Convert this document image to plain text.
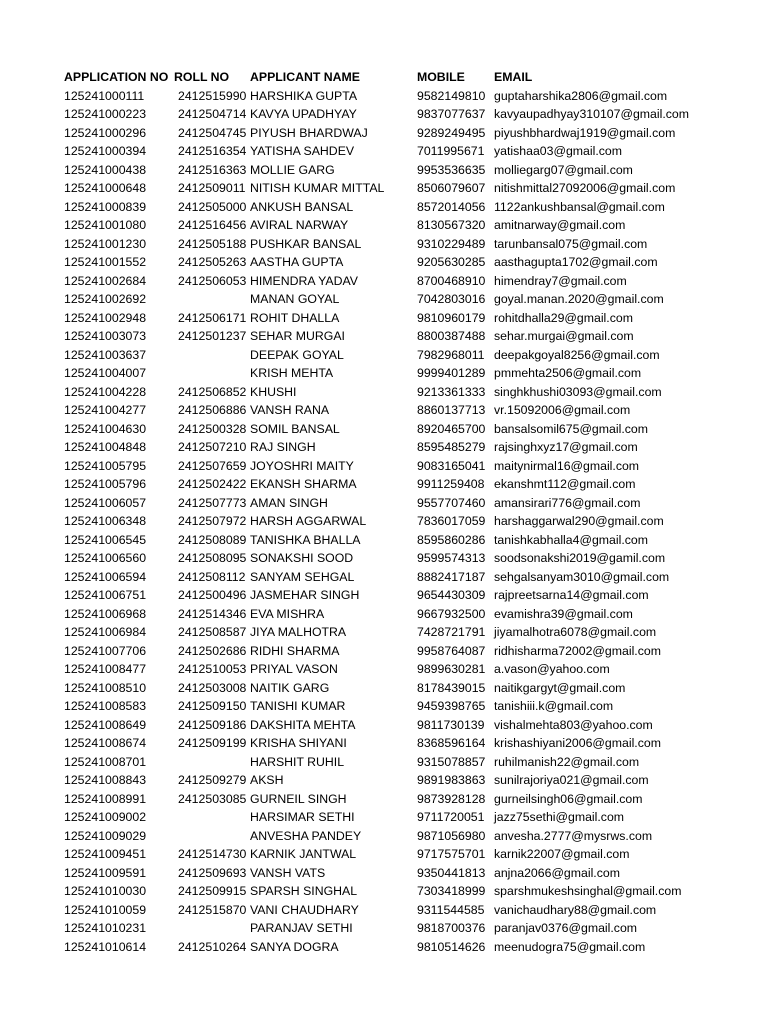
APPLICATION NO ROLL NO APPLICANT NAME	MOBILE EMAIL
125241000111	2412515990 HARSHIKA GUPTA	9582149810 guptaharshika2806@gmail.com
125241000223	2412504714 KAVYA UPADHYAY	9837077637 kavyaupadhyay310107@gmail.com
125241000296	2412504745 PIYUSH BHARDWAJ	9289249495 piyushbhardwaj1919@gmail.com
125241000394	2412516354 YATISHA SAHDEV	7011995671 yatishaa03@gmail.com
125241000438	2412516363 MOLLIE GARG	9953536635 molliegarg07@gmail.com
125241000648	2412509011 NITISH KUMAR MITTAL	8506079607 nitishmittal27092006@gmail.com
125241000839	2412505000 ANKUSH BANSAL	8572014056 1122ankushbansal@gmail.com
125241001080	2412516456 AVIRAL NARWAY	8130567320 amitnarway@gmail.com
125241001230	2412505188 PUSHKAR BANSAL	9310229489 tarunbansal075@gmail.com
125241001552	2412505263 AASTHA GUPTA	9205630285 aasthagupta1702@gmail.com
125241002684	2412506053 HIMENDRA YADAV	8700468910 himendray7@gmail.com
125241002692	MANAN GOYAL	7042803016 goyal.manan.2020@gmail.com
125241002948	2412506171 ROHIT DHALLA	9810960179 rohitdhalla29@gmail.com
125241003073	2412501237 SEHAR MURGAI	8800387488 sehar.murgai@gmail.com
125241003637	DEEPAK GOYAL	7982968011 deepakgoyal8256@gmail.com
125241004007	KRISH MEHTA	9999401289 pmmehta2506@gmail.com
125241004228	2412506852 KHUSHI	9213361333 singhkhushi03093@gmail.com
125241004277	2412506886 VANSH RANA	8860137713 vr.15092006@gmail.com
125241004630	2412500328 SOMIL BANSAL	8920465700 bansalsomil675@gmail.com
125241004848	2412507210 RAJ SINGH	8595485279 rajsinghxyz17@gmail.com
125241005795	2412507659 JOYOSHRI MAITY	9083165041 maitynirmal16@gmail.com
125241005796	2412502422 EKANSH SHARMA	9911259408 ekanshmt112@gmail.com
125241006057	2412507773 AMAN SINGH	9557707460 amansirari776@gmail.com
125241006348	2412507972 HARSH AGGARWAL	7836017059 harshaggarwal290@gmail.com
125241006545	2412508089 TANISHKA BHALLA	8595860286 tanishkabhalla4@gmail.com
125241006560	2412508095 SONAKSHI SOOD	9599574313 soodsonakshi2019@gamil.com
125241006594	2412508112 SANYAM SEHGAL	8882417187 sehgalsanyam3010@gmail.com
125241006751	2412500496 JASMEHAR SINGH	9654430309 rajpreetsarna14@gmail.com
125241006968	2412514346 EVA MISHRA	9667932500 evamishra39@gmail.com
125241006984	2412508587 JIYA MALHOTRA	7428721791 jiyamalhotra6078@gmail.com
125241007706	2412502686 RIDHI SHARMA	9958764087 ridhisharma72002@gmail.com
125241008477	2412510053 PRIYAL VASON	9899630281 a.vason@yahoo.com
125241008510	2412503008 NAITIK GARG	8178439015 naitikgargyt@gmail.com
125241008583	2412509150 TANISHI KUMAR	9459398765 tanishiii.k@gmail.com
125241008649	2412509186 DAKSHITA MEHTA	9811730139 vishalmehta803@yahoo.com
125241008674	2412509199 KRISHA SHIYANI	8368596164 krishashiyani2006@gmail.com
125241008701	HARSHIT RUHIL	9315078857 ruhilmanish22@gmail.com
125241008843	2412509279 AKSH	9891983863 sunilrajoriya021@gmail.com
125241008991	2412503085 GURNEIL SINGH	9873928128 gurneilsingh06@gmail.com
125241009002	HARSIMAR SETHI	9711720051 jazz75sethi@gmail.com
125241009029	ANVESHA PANDEY	9871056980 anvesha.2777@mysrws.com
125241009451	2412514730 KARNIK JANTWAL	9717575701 karnik22007@gmail.com
125241009591	2412509693 VANSH VATS	9350441813 anjna2066@gmail.com
125241010030	2412509915 SPARSH SINGHAL	7303418999 sparshmukeshsinghal@gmail.com
125241010059	2412515870 VANI CHAUDHARY	9311544585 vanichaudhary88@gmail.com
125241010231	PARANJAV SETHI	9818700376 paranjav0376@gmail.com
125241010614	2412510264 SANYA DOGRA	9810514626 meenudogra75@gmail.com
